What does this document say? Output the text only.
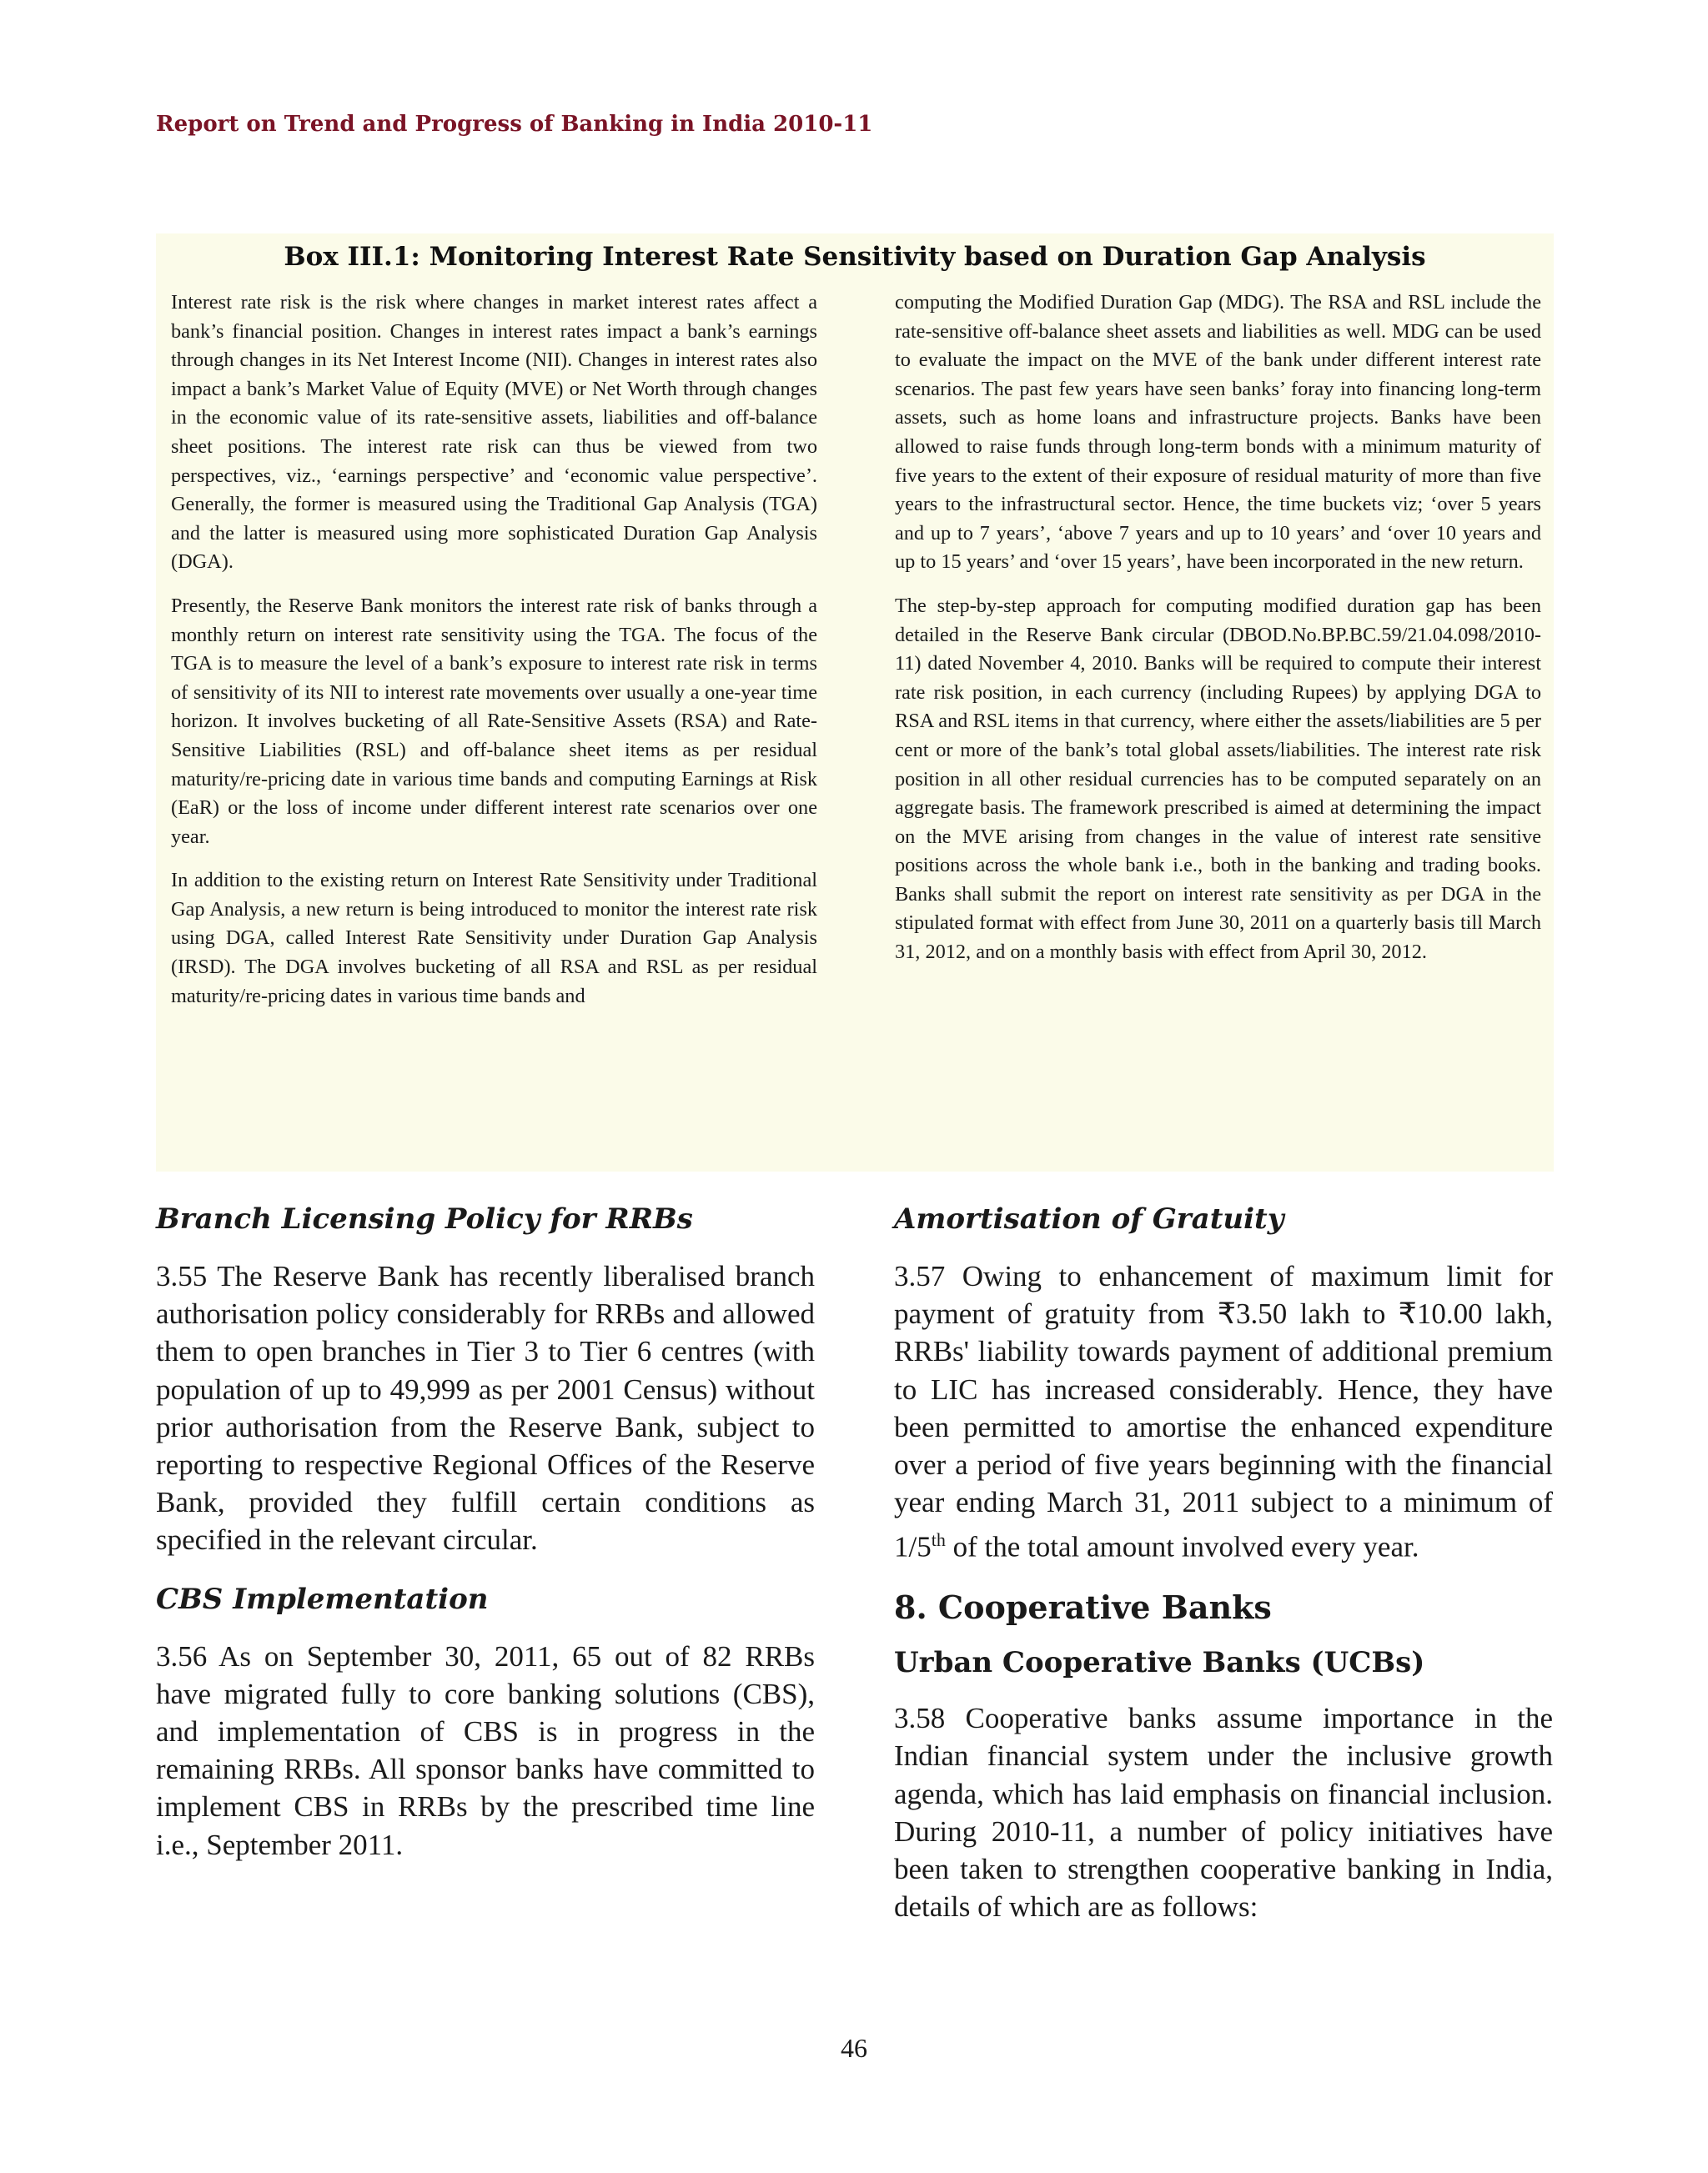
Report on Trend and Progress of Banking in India 2010-11
Box III.1: Monitoring Interest Rate Sensitivity based on Duration Gap Analysis

Interest rate risk is the risk where changes in market interest rates affect a bank’s financial position. Changes in interest rates impact a bank’s earnings through changes in its Net Interest Income (NII). Changes in interest rates also impact a bank’s Market Value of Equity (MVE) or Net Worth through changes in the economic value of its rate-sensitive assets, liabilities and off-balance sheet positions. The interest rate risk can thus be viewed from two perspectives, viz., ‘earnings perspective’ and ‘economic value perspective’. Generally, the former is measured using the Traditional Gap Analysis (TGA) and the latter is measured using more sophisticated Duration Gap Analysis (DGA).

Presently, the Reserve Bank monitors the interest rate risk of banks through a monthly return on interest rate sensitivity using the TGA. The focus of the TGA is to measure the level of a bank’s exposure to interest rate risk in terms of sensitivity of its NII to interest rate movements over usually a one-year time horizon. It involves bucketing of all Rate-Sensitive Assets (RSA) and Rate-Sensitive Liabilities (RSL) and off-balance sheet items as per residual maturity/re-pricing date in various time bands and computing Earnings at Risk (EaR) or the loss of income under different interest rate scenarios over one year.

In addition to the existing return on Interest Rate Sensitivity under Traditional Gap Analysis, a new return is being introduced to monitor the interest rate risk using DGA, called Interest Rate Sensitivity under Duration Gap Analysis (IRSD). The DGA involves bucketing of all RSA and RSL as per residual maturity/re-pricing dates in various time bands and

computing the Modified Duration Gap (MDG). The RSA and RSL include the rate-sensitive off-balance sheet assets and liabilities as well. MDG can be used to evaluate the impact on the MVE of the bank under different interest rate scenarios. The past few years have seen banks’ foray into financing long-term assets, such as home loans and infrastructure projects. Banks have been allowed to raise funds through long-term bonds with a minimum maturity of five years to the extent of their exposure of residual maturity of more than five years to the infrastructural sector. Hence, the time buckets viz; ‘over 5 years and up to 7 years’, ‘above 7 years and up to 10 years’ and ‘over 10 years and up to 15 years’ and ‘over 15 years’, have been incorporated in the new return.

The step-by-step approach for computing modified duration gap has been detailed in the Reserve Bank circular (DBOD.No.BP.BC.59/21.04.098/2010-11) dated November 4, 2010. Banks will be required to compute their interest rate risk position, in each currency (including Rupees) by applying DGA to RSA and RSL items in that currency, where either the assets/liabilities are 5 per cent or more of the bank’s total global assets/liabilities. The interest rate risk position in all other residual currencies has to be computed separately on an aggregate basis. The framework prescribed is aimed at determining the impact on the MVE arising from changes in the value of interest rate sensitive positions across the whole bank i.e., both in the banking and trading books. Banks shall submit the report on interest rate sensitivity as per DGA in the stipulated format with effect from June 30, 2011 on a quarterly basis till March 31, 2012, and on a monthly basis with effect from April 30, 2012.

Branch Licensing Policy for RRBs

3.55 The Reserve Bank has recently liberalised branch authorisation policy considerably for RRBs and allowed them to open branches in Tier 3 to Tier 6 centres (with population of up to 49,999 as per 2001 Census) without prior authorisation from the Reserve Bank, subject to reporting to respective Regional Offices of the Reserve Bank, provided they fulfill certain conditions as specified in the relevant circular.

CBS Implementation

3.56 As on September 30, 2011, 65 out of 82 RRBs have migrated fully to core banking solutions (CBS), and implementation of CBS is in progress in the remaining RRBs. All sponsor banks have committed to implement CBS in RRBs by the prescribed time line i.e., September 2011.

Amortisation of Gratuity

3.57 Owing to enhancement of maximum limit for payment of gratuity from ₹3.50 lakh to ₹10.00 lakh, RRBs' liability towards payment of additional premium to LIC has increased considerably. Hence, they have been permitted to amortise the enhanced expenditure over a period of five years beginning with the financial year ending March 31, 2011 subject to a minimum of 1/5th of the total amount involved every year.

8. Cooperative Banks
Urban Cooperative Banks (UCBs)

3.58 Cooperative banks assume importance in the Indian financial system under the inclusive growth agenda, which has laid emphasis on financial inclusion. During 2010-11, a number of policy initiatives have been taken to strengthen cooperative banking in India, details of which are as follows:

46
